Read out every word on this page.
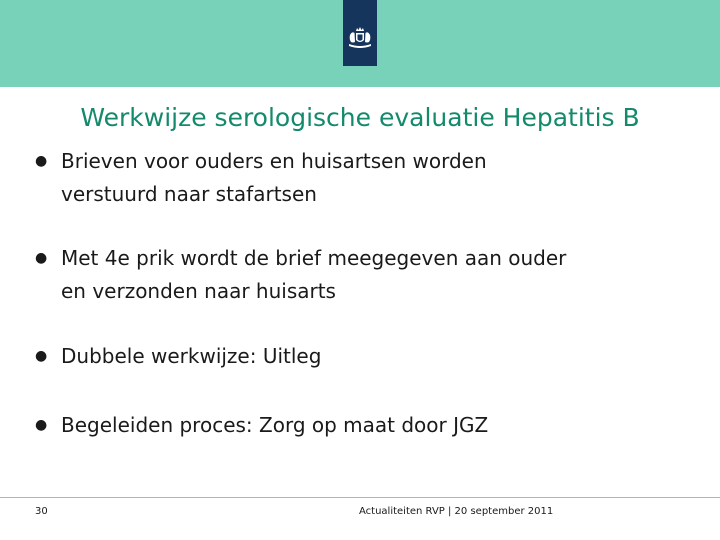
Werkwijze serologische evaluatie Hepatitis B
● Brieven voor ouders en huisartsen worden
verstuurd naar stafartsen
● Met 4e prik wordt de brief meegegeven aan ouder
en verzonden naar huisarts
● Dubbele werkwijze: Uitleg
● Begeleiden proces: Zorg op maat door JGZ
30	Actualiteiten RVP | 20 september 2011
